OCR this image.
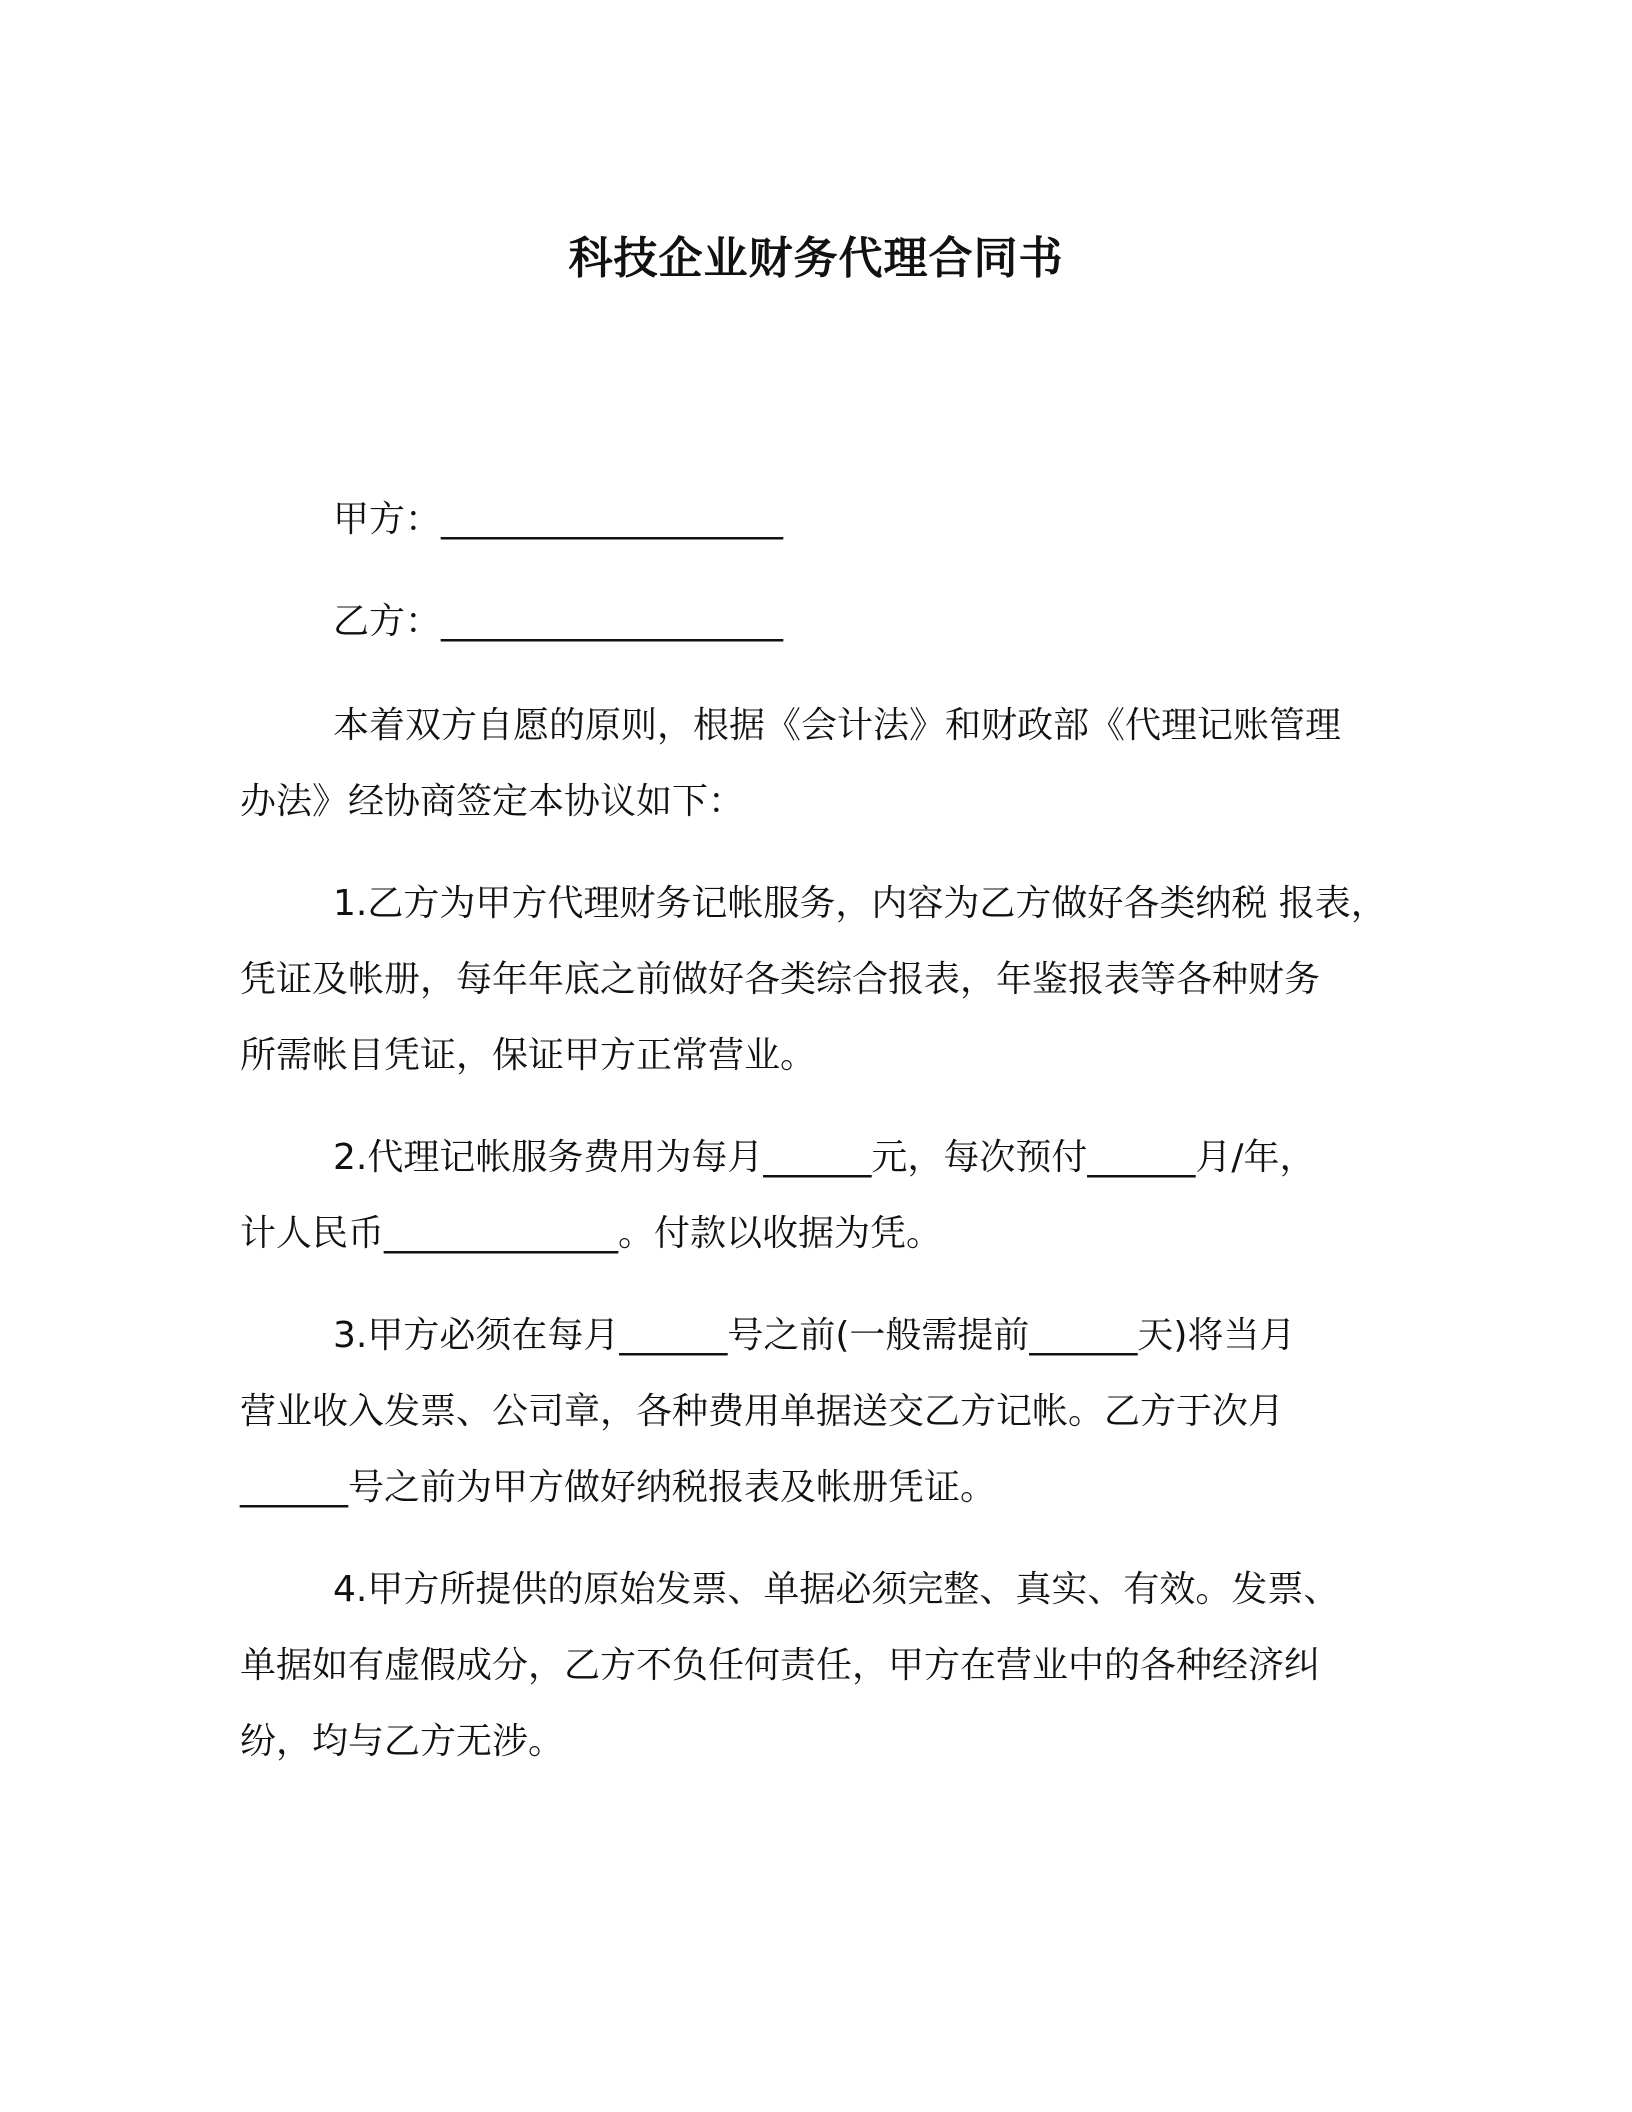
科技企业财务代理合同书
甲方：___________________
乙方：___________________
本着双方自愿的原则，根据《会计法》和财政部《代理记账管理
办法》经协商签定本协议如下：
1.乙方为甲方代理财务记帐服务，内容为乙方做好各类纳税 报表，
凭证及帐册，每年年底之前做好各类综合报表，年鉴报表等各种财务
所需帐目凭证，保证甲方正常营业。
2.代理记帐服务费用为每月______元，每次预付______月/年，
计人民币_____________。付款以收据为凭。
3.甲方必须在每月______号之前(一般需提前______天)将当月
营业收入发票、公司章，各种费用单据送交乙方记帐。乙方于次月
______号之前为甲方做好纳税报表及帐册凭证。
4.甲方所提供的原始发票、单据必须完整、真实、有效。发票、
单据如有虚假成分，乙方不负任何责任，甲方在营业中的各种经济纠
纷，均与乙方无涉。
